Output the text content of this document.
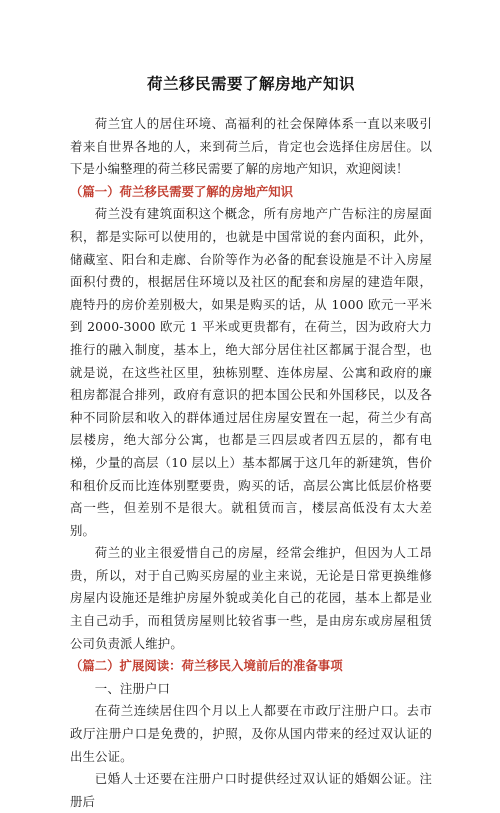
荷兰移民需要了解房地产知识

荷兰宜人的居住环境、高福利的社会保障体系一直以来吸引着来自世界各地的人，来到荷兰后，肯定也会选择住房居住。以下是小编整理的荷兰移民需要了解的房地产知识，欢迎阅读！

（篇一）荷兰移民需要了解的房地产知识

荷兰没有建筑面积这个概念，所有房地产广告标注的房屋面积，都是实际可以使用的，也就是中国常说的套内面积，此外，储藏室、阳台和走廊、台阶等作为必备的配套设施是不计入房屋面积付费的，根据居住环境以及社区的配套和房屋的建造年限，鹿特丹的房价差别极大，如果是购买的话，从 1000 欧元一平米到 2000-3000 欧元 1 平米或更贵都有，在荷兰，因为政府大力推行的融入制度，基本上，绝大部分居住社区都属于混合型，也就是说，在这些社区里，独栋别墅、连体房屋、公寓和政府的廉租房都混合排列，政府有意识的把本国公民和外国移民，以及各种不同阶层和收入的群体通过居住房屋安置在一起，荷兰少有高层楼房，绝大部分公寓，也都是三四层或者四五层的，都有电梯，少量的高层（10 层以上）基本都属于这几年的新建筑，售价和租价反而比连体别墅要贵，购买的话，高层公寓比低层价格要高一些，但差别不是很大。就租赁而言，楼层高低没有太大差别。

荷兰的业主很爱惜自己的房屋，经常会维护，但因为人工昂贵，所以，对于自己购买房屋的业主来说，无论是日常更换维修房屋内设施还是维护房屋外貌或美化自己的花园，基本上都是业主自己动手，而租赁房屋则比较省事一些，是由房东或房屋租赁公司负责派人维护。

（篇二）扩展阅读：荷兰移民入境前后的准备事项

一、注册户口

在荷兰连续居住四个月以上人都要在市政厅注册户口。去市政厅注册户口是免费的，护照，及你从国内带来的经过双认证的出生公证。

已婚人士还要在注册户口时提供经过双认证的婚姻公证。注册后
